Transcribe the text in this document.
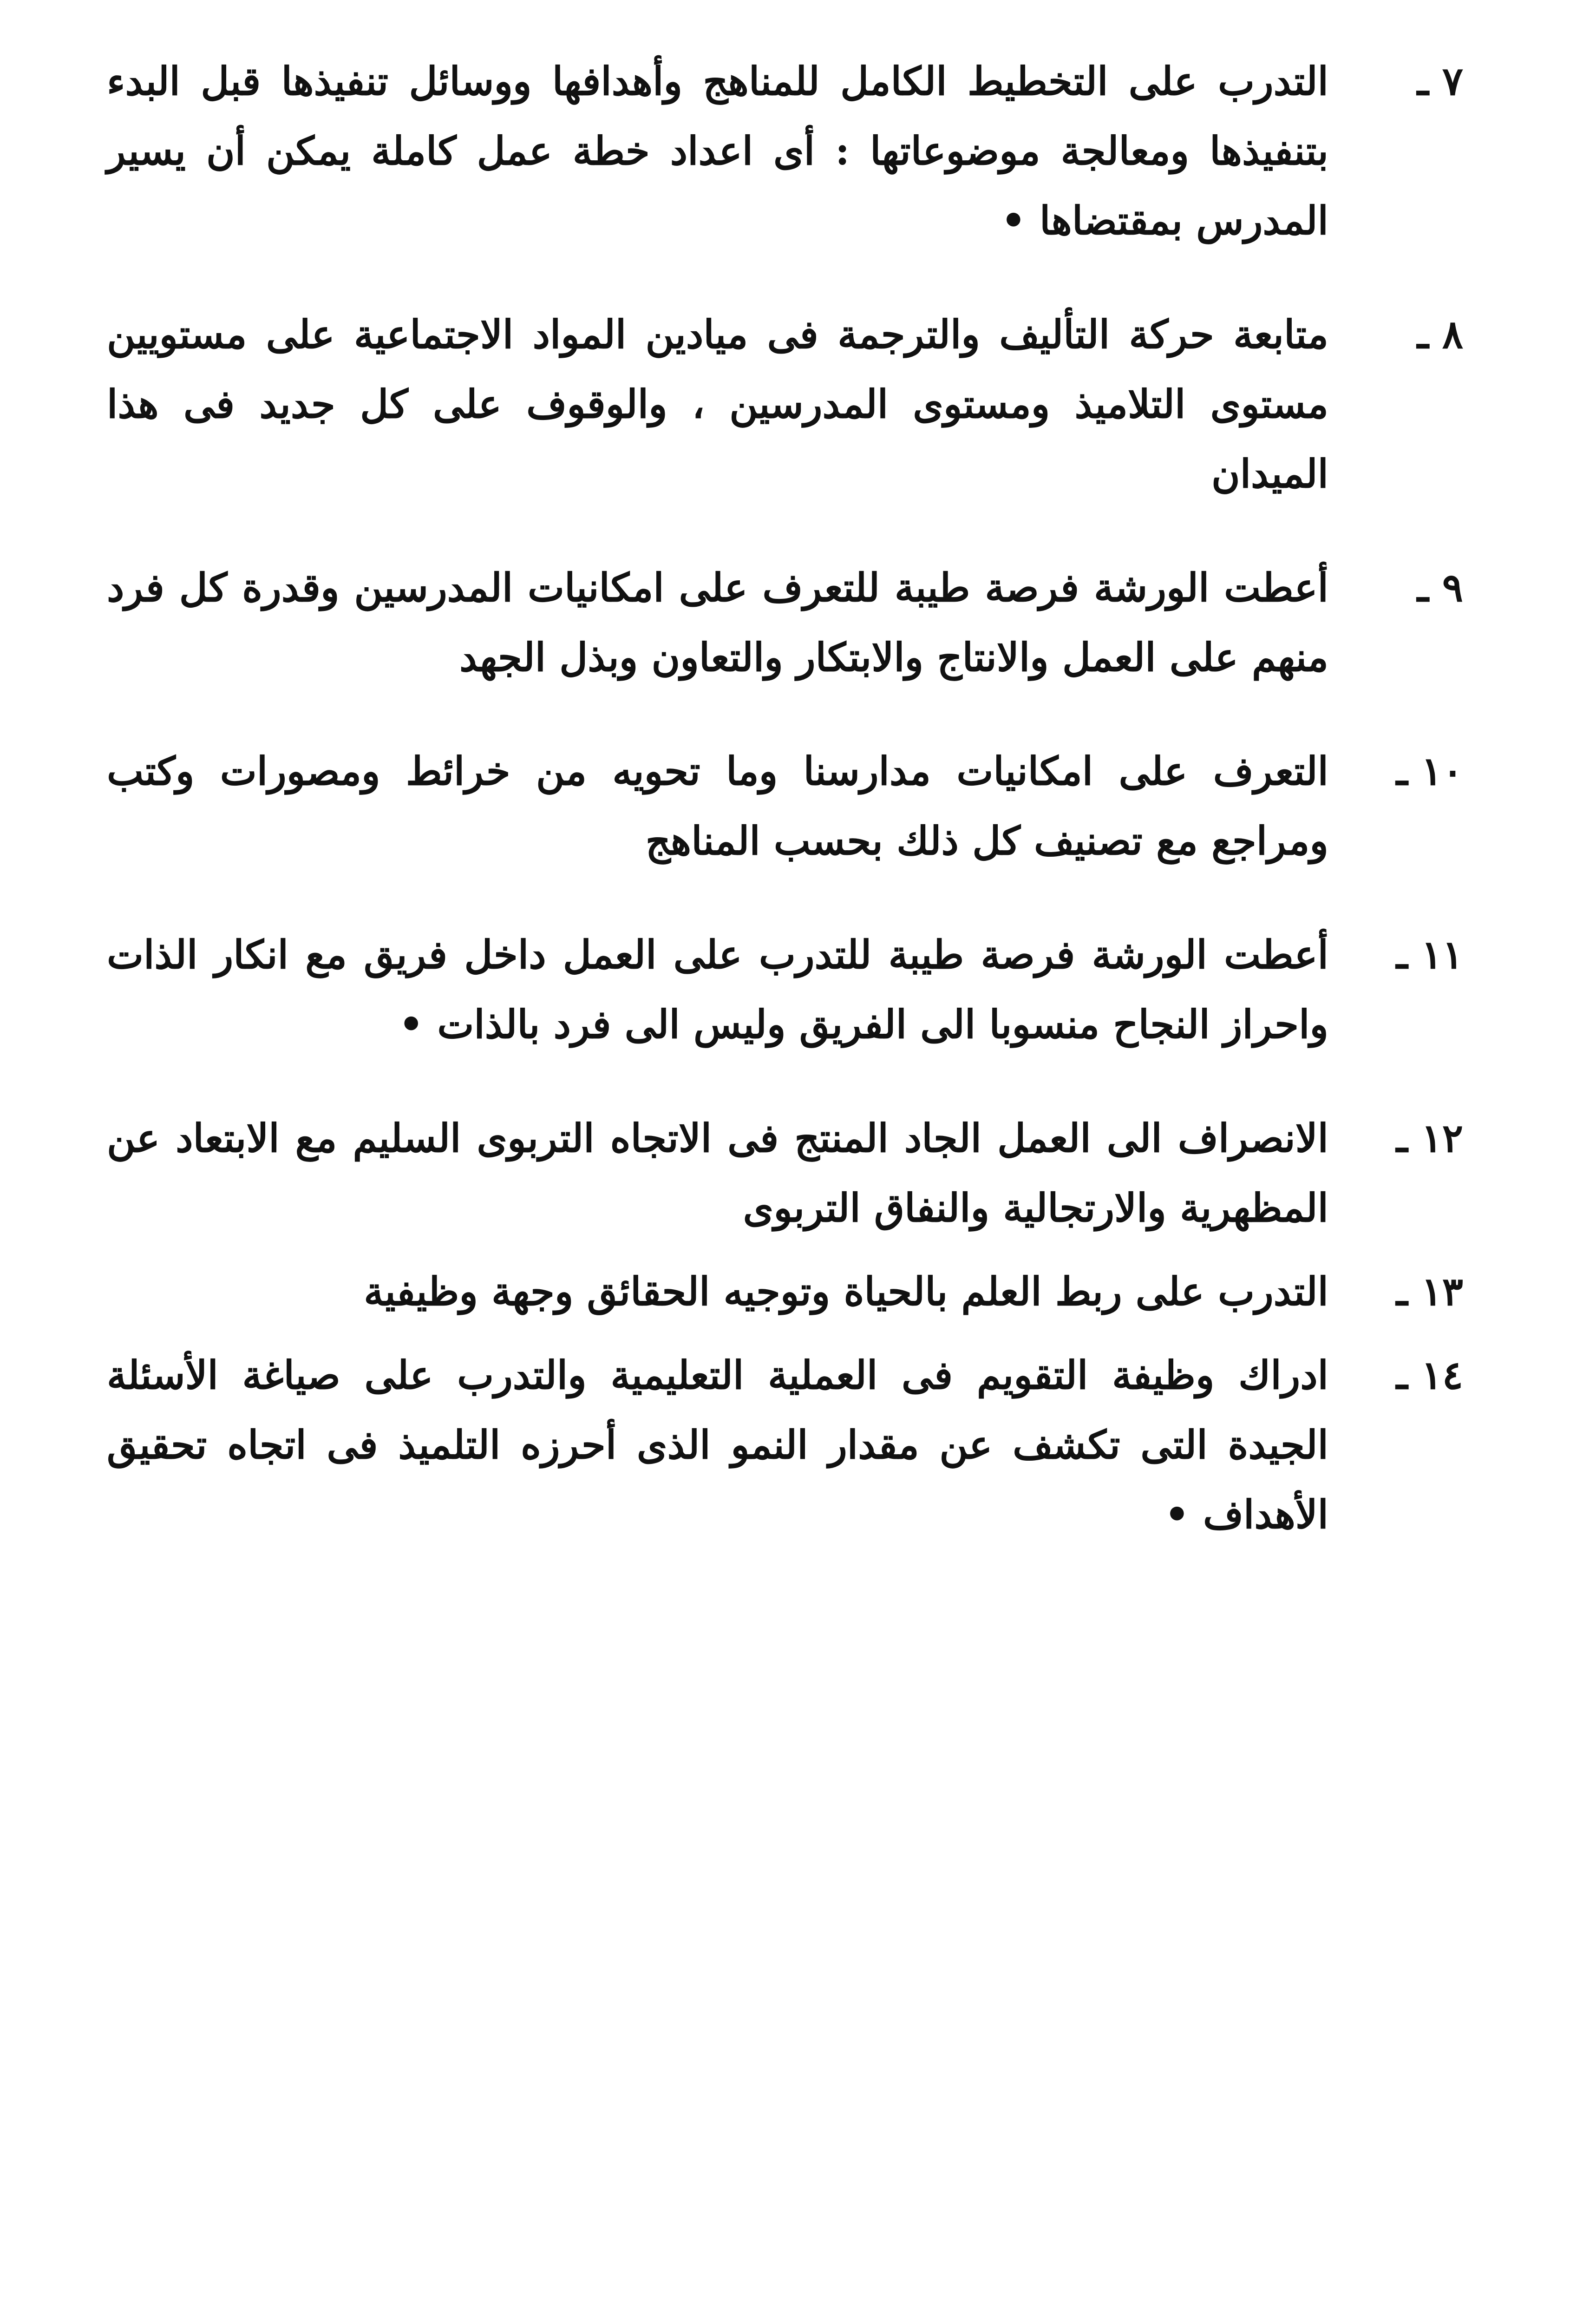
٧ ـ
التدرب على التخطيط الكامل للمناهج وأهدافها ووسائل تنفيذها قبل البدء بتنفيذها ومعالجة موضوعاتها : أى اعداد خطة عمل كاملة يمكن أن يسير المدرس بمقتضاها •
٨ ـ
متابعة حركة التأليف والترجمة فى ميادين المواد الاجتماعية على مستويين مستوى التلاميذ ومستوى المدرسين ، والوقوف على كل جديد فى هذا الميدان
٩ ـ
أعطت الورشة فرصة طيبة للتعرف على امكانيات المدرسين وقدرة كل فرد منهم على العمل والانتاج والابتكار والتعاون وبذل الجهد
١٠ ـ
التعرف على امكانيات مدارسنا وما تحويه من خرائط ومصورات وكتب ومراجع مع تصنيف كل ذلك بحسب المناهج
١١ ـ
أعطت الورشة فرصة طيبة للتدرب على العمل داخل فريق مع انكار الذات واحراز النجاح منسوبا الى الفريق وليس الى فرد بالذات •
١٢ ـ
الانصراف الى العمل الجاد المنتج فى الاتجاه التربوى السليم مع الابتعاد عن المظهرية والارتجالية والنفاق التربوى
١٣ ـ
التدرب على ربط العلم بالحياة وتوجيه الحقائق وجهة وظيفية
١٤ ـ
ادراك وظيفة التقويم فى العملية التعليمية والتدرب على صياغة الأسئلة الجيدة التى تكشف عن مقدار النمو الذى أحرزه التلميذ فى اتجاه تحقيق الأهداف •
